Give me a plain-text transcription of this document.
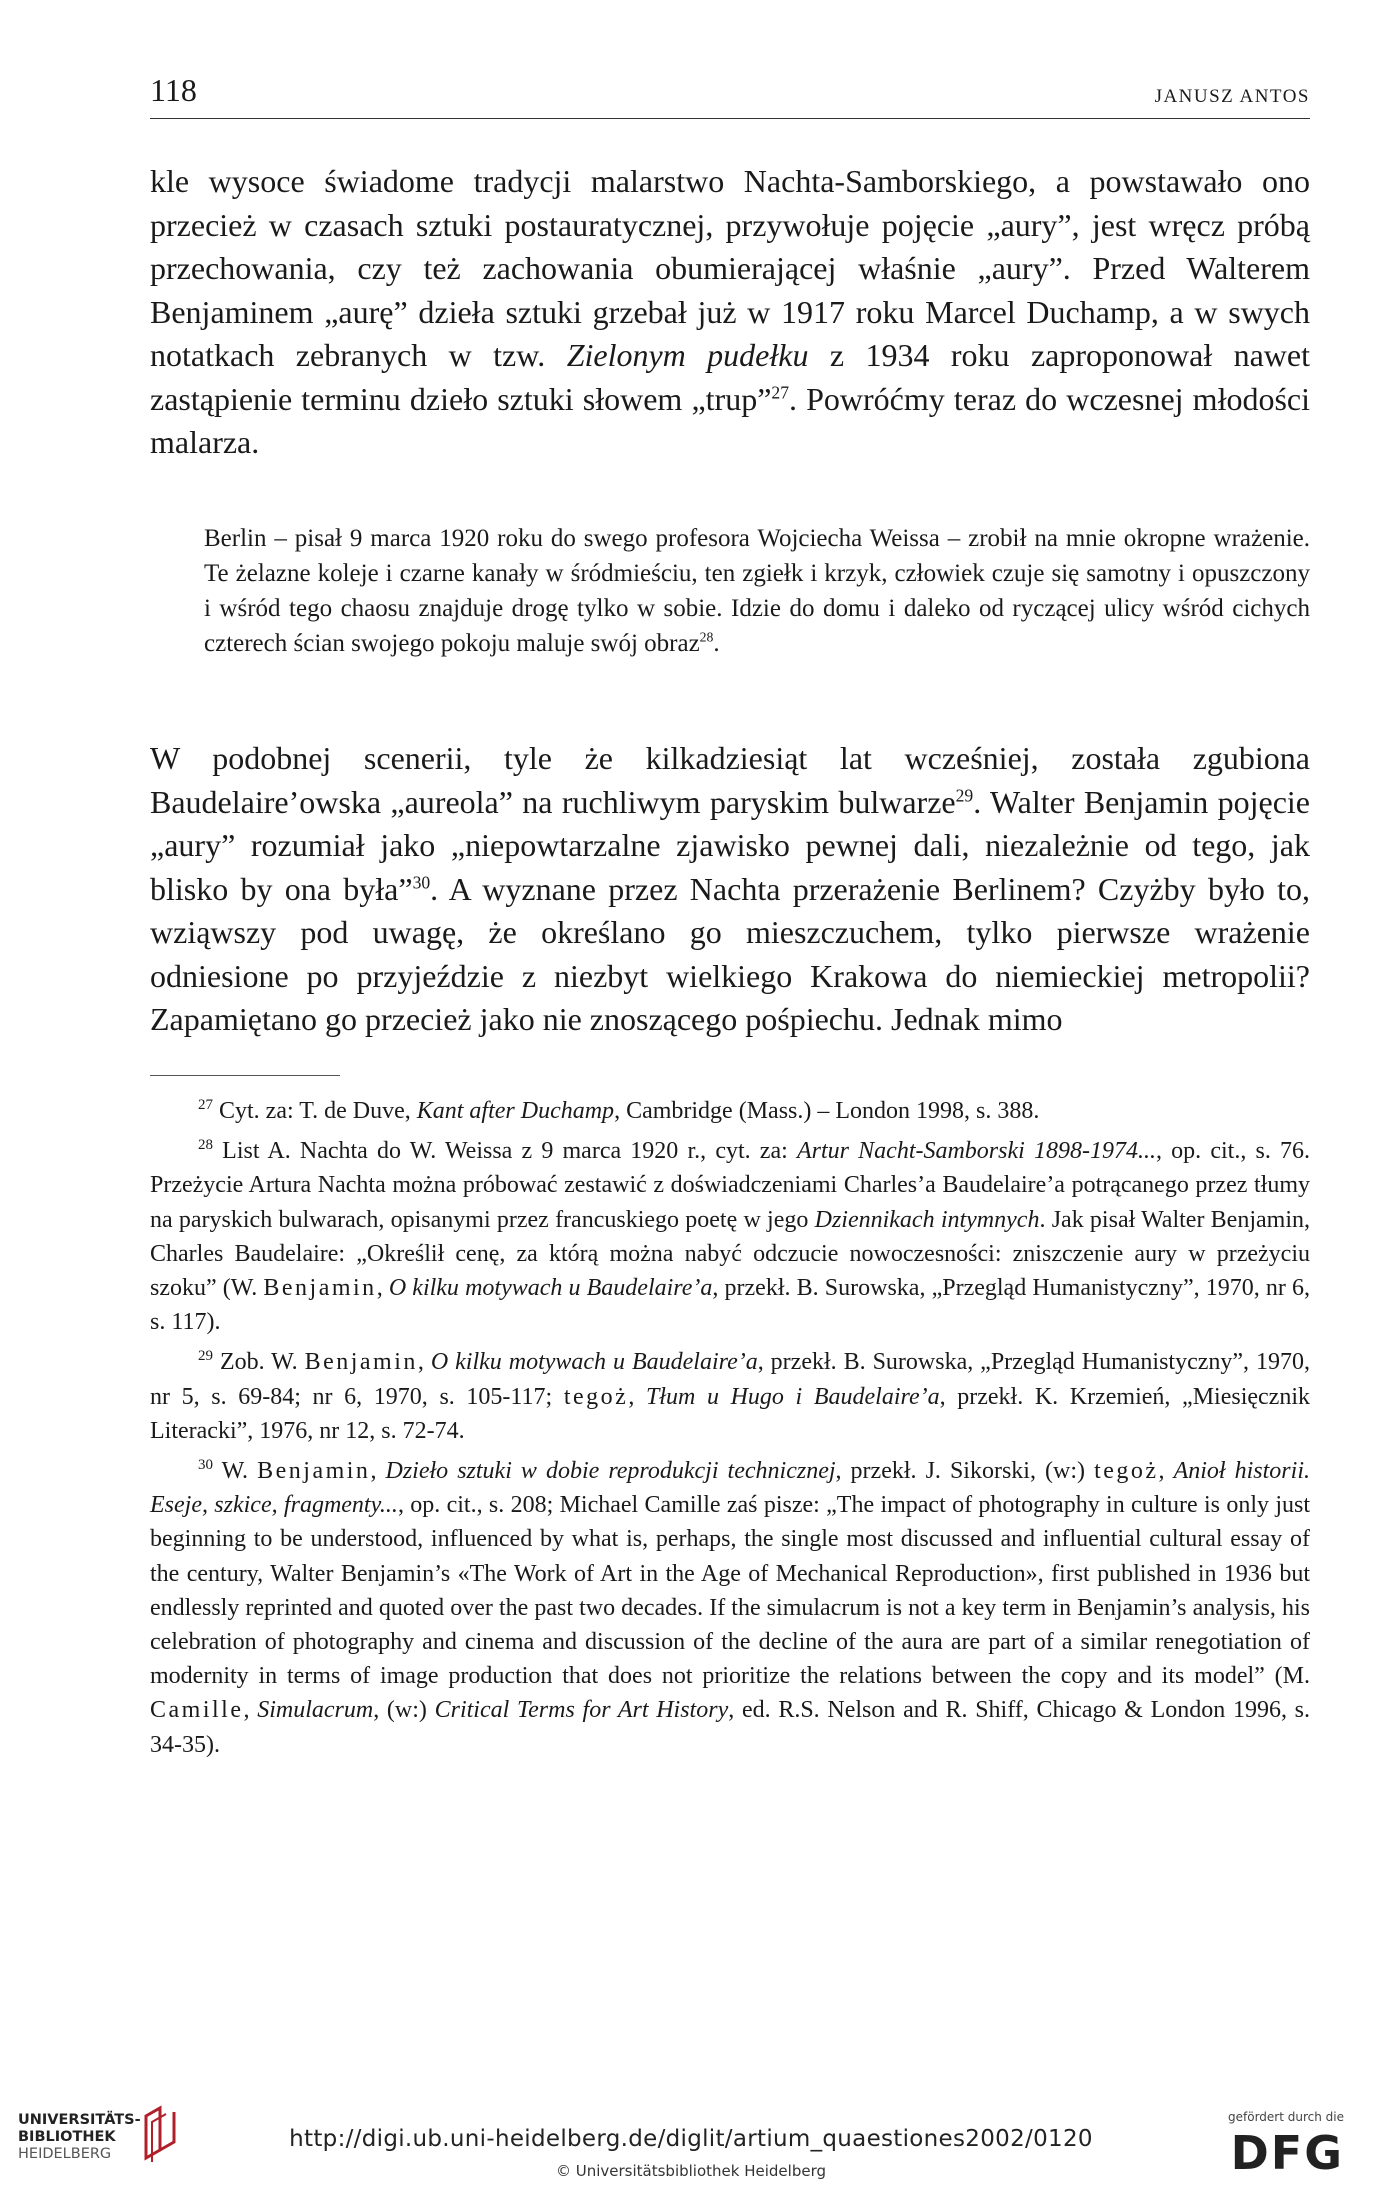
118	JANUSZ ANTOS

kle wysoce świadome tradycji malarstwo Nachta-Samborskiego, a powstawało ono przecież w czasach sztuki postauratycznej, przywołuje pojęcie „aury”, jest wręcz próbą przechowania, czy też zachowania obumierającej właśnie „aury”. Przed Walterem Benjaminem „aurę” dzieła sztuki grzebał już w 1917 roku Marcel Duchamp, a w swych notatkach zebranych w tzw. Zielonym pudełku z 1934 roku zaproponował nawet zastąpienie terminu dzieło sztuki słowem „trup”$^{27}$. Powróćmy teraz do wczesnej młodości malarza.

Berlin – pisał 9 marca 1920 roku do swego profesora Wojciecha Weissa – zrobił na mnie okropne wrażenie. Te żelazne koleje i czarne kanały w śródmieściu, ten zgiełk i krzyk, człowiek czuje się samotny i opuszczony i wśród tego chaosu znajduje drogę tylko w sobie. Idzie do domu i daleko od ryczącej ulicy wśród cichych czterech ścian swojego pokoju maluje swój obraz$^{28}$.

W podobnej scenerii, tyle że kilkadziesiąt lat wcześniej, została zgubiona Baudelaire’owska „aureola” na ruchliwym paryskim bulwarze$^{29}$. Walter Benjamin pojęcie „aury” rozumiał jako „niepowtarzalne zjawisko pewnej dali, niezależnie od tego, jak blisko by ona była”$^{30}$. A wyznane przez Nachta przerażenie Berlinem? Czyżby było to, wziąwszy pod uwagę, że określano go mieszczuchem, tylko pierwsze wrażenie odniesione po przyjeździe z niezbyt wielkiego Krakowa do niemieckiej metropolii? Zapamiętano go przecież jako nie znoszącego pośpiechu. Jednak mimo

$^{27}$ Cyt. za: T. de Duve, Kant after Duchamp, Cambridge (Mass.) – London 1998, s. 388.

$^{28}$ List A. Nachta do W. Weissa z 9 marca 1920 r., cyt. za: Artur Nacht-Samborski 1898-1974..., op. cit., s. 76. Przeżycie Artura Nachta można próbować zestawić z doświadczeniami Charles’a Baudelaire’a potrącanego przez tłumy na paryskich bulwarach, opisanymi przez francuskiego poetę w jego Dziennikach intymnych. Jak pisał Walter Benjamin, Charles Baudelaire: „Określił cenę, za którą można nabyć odczucie nowoczesności: zniszczenie aury w przeżyciu szoku” (W. Benjamin, O kilku motywach u Baudelaire’a, przekł. B. Surowska, „Przegląd Humanistyczny”, 1970, nr 6, s. 117).

$^{29}$ Zob. W. Benjamin, O kilku motywach u Baudelaire’a, przekł. B. Surowska, „Przegląd Humanistyczny”, 1970, nr 5, s. 69-84; nr 6, 1970, s. 105-117; tegoż, Tłum u Hugo i Baudelaire’a, przekł. K. Krzemień, „Miesięcznik Literacki”, 1976, nr 12, s. 72-74.

$^{30}$ W. Benjamin, Dzieło sztuki w dobie reprodukcji technicznej, przekł. J. Sikorski, (w:) tegoż, Anioł historii. Eseje, szkice, fragmenty..., op. cit., s. 208; Michael Camille zaś pisze: „The impact of photography in culture is only just beginning to be understood, influenced by what is, perhaps, the single most discussed and influential cultural essay of the century, Walter Benjamin’s «The Work of Art in the Age of Mechanical Reproduction», first published in 1936 but endlessly reprinted and quoted over the past two decades. If the simulacrum is not a key term in Benjamin’s analysis, his celebration of photography and cinema and discussion of the decline of the aura are part of a similar renegotiation of modernity in terms of image production that does not prioritize the relations between the copy and its model” (M. Camille, Simulacrum, (w:) Critical Terms for Art History, ed. R.S. Nelson and R. Shiff, Chicago & London 1996, s. 34-35).

UNIVERSITÄTS-
BIBLIOTHEK
HEIDELBERG
http://digi.ub.uni-heidelberg.de/diglit/artium_quaestiones2002/0120
© Universitätsbibliothek Heidelberg
gefördert durch die
DFG
